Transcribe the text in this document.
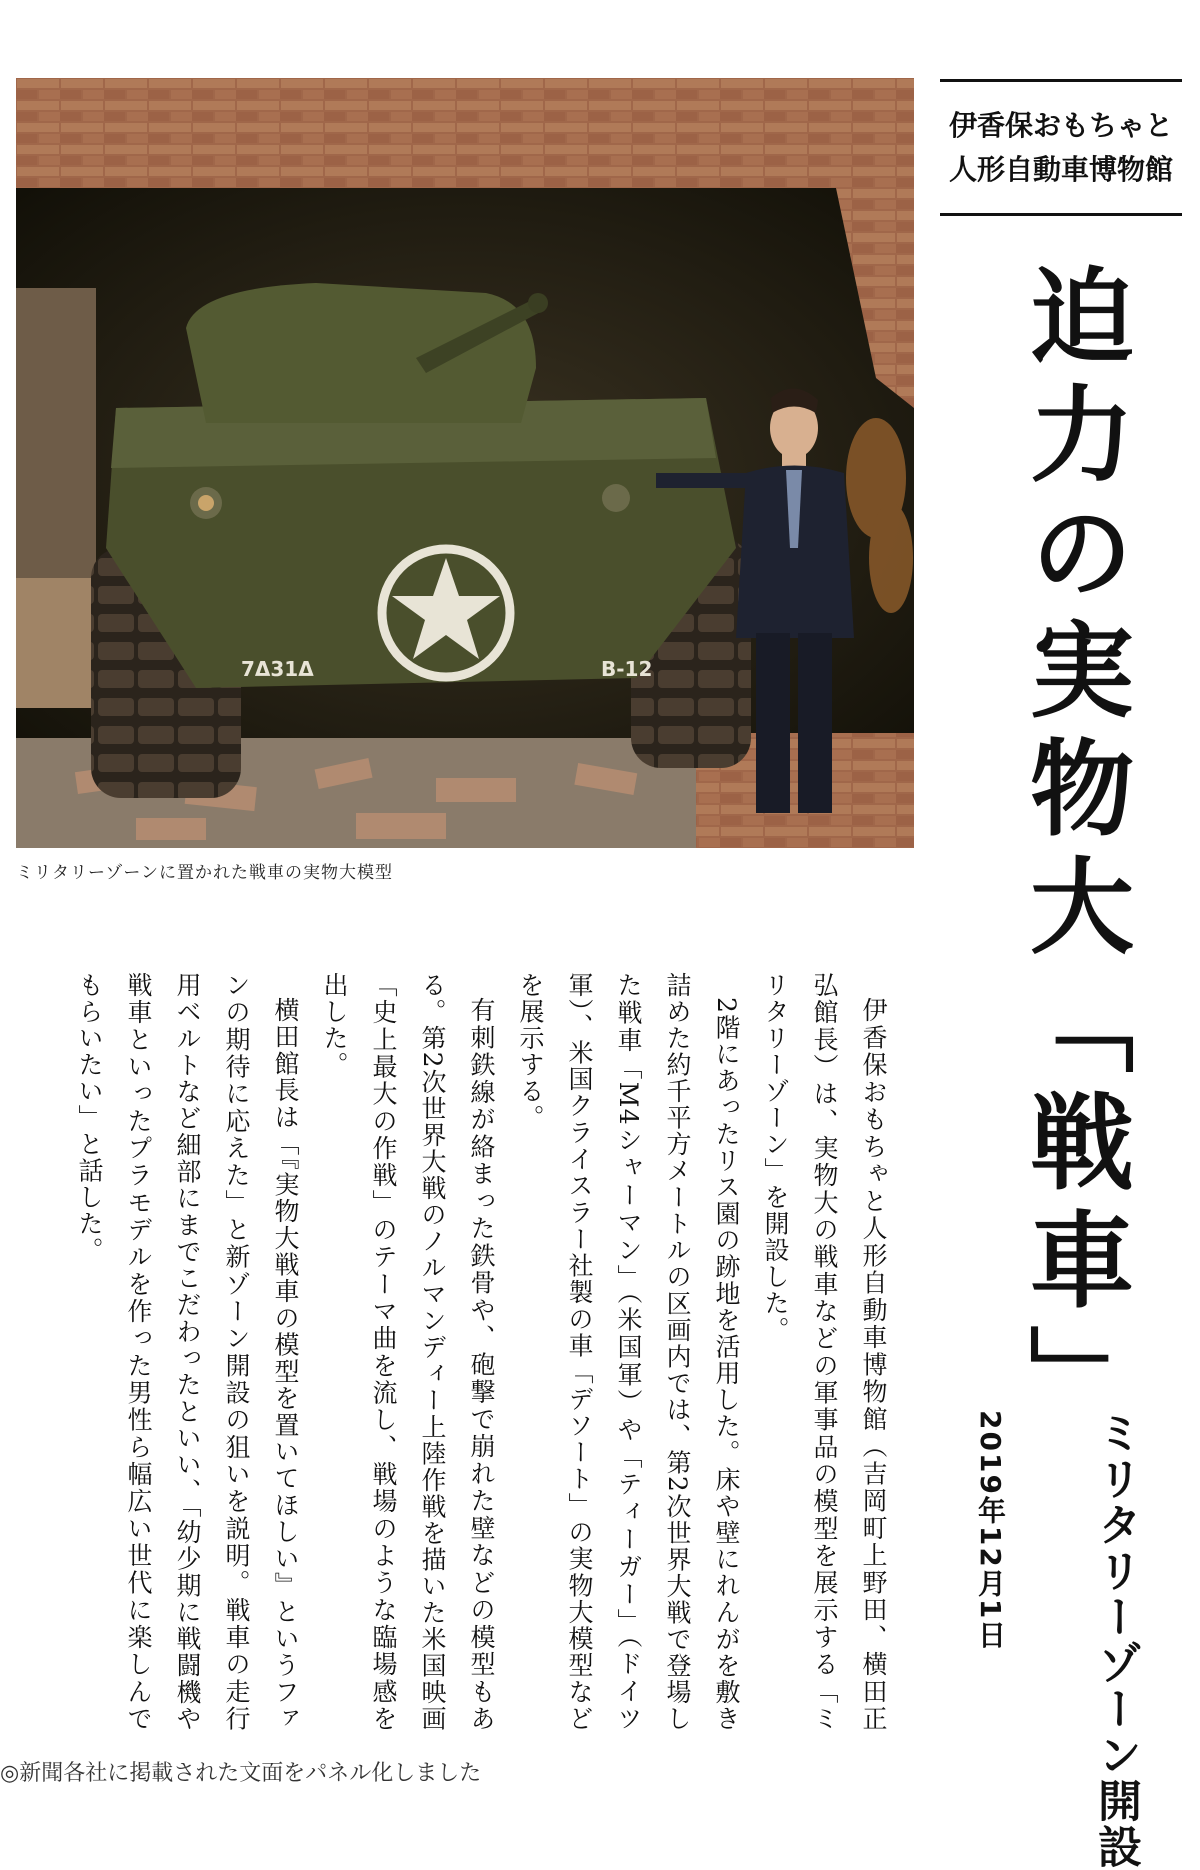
7Δ31Δ	B-12
ミリタリーゾーンに置かれた戦車の実物大模型
伊香保おもちゃと
人形自動車博物館
迫力の実物大「戦車」
ミリタリーゾーン開設
2019年12月1日

伊香保おもちゃと人形自動車博物館（吉岡町上野田、横田正弘館長）は、実物大の戦車などの軍事品の模型を展示する「ミリタリーゾーン」を開設した。

2階にあったリス園の跡地を活用した。床や壁にれんがを敷き詰めた約千平方メートルの区画内では、第2次世界大戦で登場した戦車「M4シャーマン」（米国軍）や「ティーガー」（ドイツ軍）、米国クライスラー社製の車「デソート」の実物大模型などを展示する。

有刺鉄線が絡まった鉄骨や、砲撃で崩れた壁などの模型もある。第2次世界大戦のノルマンディー上陸作戦を描いた米国映画「史上最大の作戦」のテーマ曲を流し、戦場のような臨場感を出した。

横田館長は「『実物大戦車の模型を置いてほしい』というファンの期待に応えた」と新ゾーン開設の狙いを説明。戦車の走行用ベルトなど細部にまでこだわったといい、「幼少期に戦闘機や戦車といったプラモデルを作った男性ら幅広い世代に楽しんでもらいたい」と話した。

◎新聞各社に掲載された文面をパネル化しました
